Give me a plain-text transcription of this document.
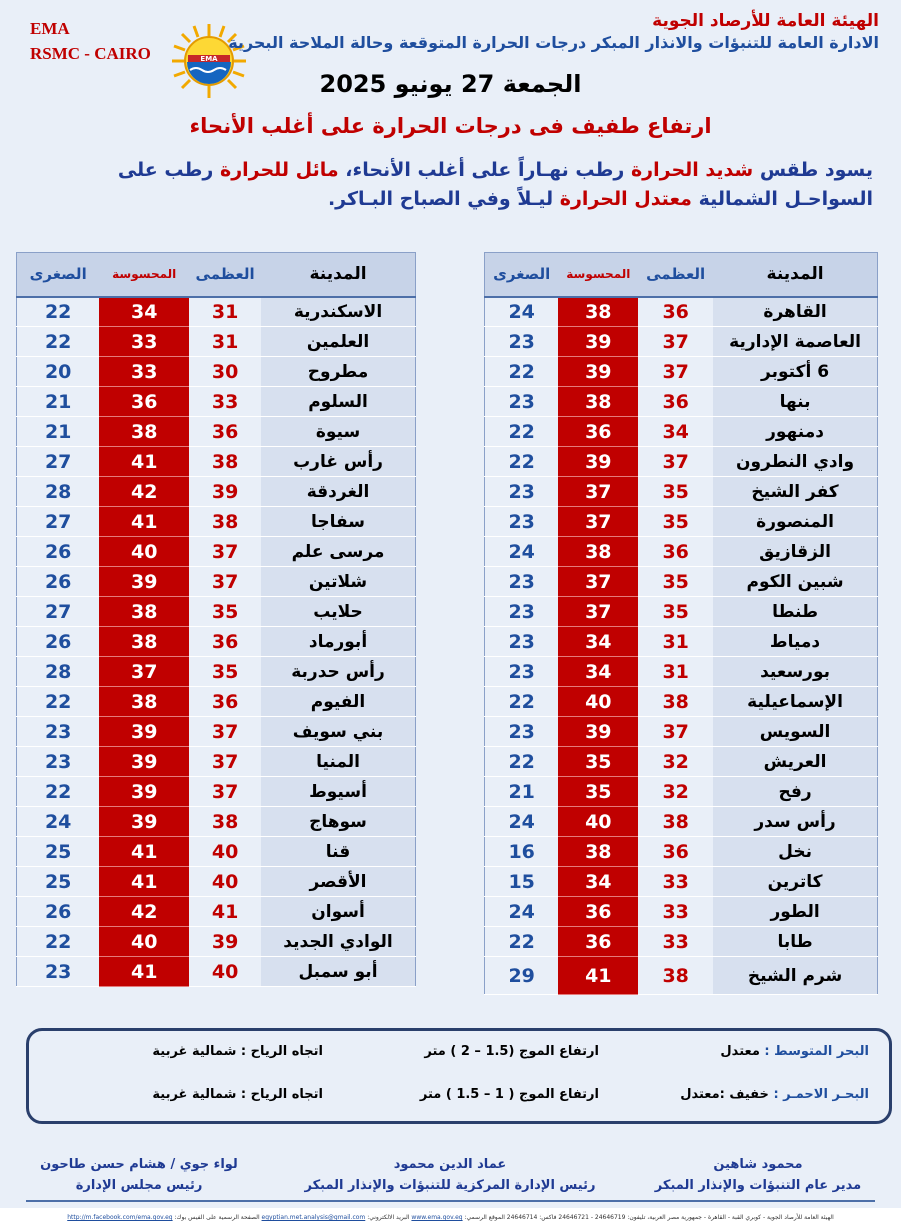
EMA
RSMC - CAIRO	EMA
الهيئة العامة للأرصاد الجوية
الادارة العامة للتنبؤات والانذار المبكر درجات الحرارة المتوقعة وحالة الملاحة البحرية
الجمعة 27 يونيو 2025
ارتفاع طفيف فى درجات الحرارة على أغلب الأنحاء
يسود طقس شديد الحرارة رطب نهـاراً على أغلب الأنحاء، مائل للحرارة رطب على السواحـل الشمالية معتدل الحرارة ليـلاً وفي الصباح البـاكر.
المدينة	العظمى	المحسوسة	الصغرى
القاهرة	36	38	24
العاصمة الإدارية	37	39	23
6 أكتوبر	37	39	22
بنها	36	38	23
دمنهور	34	36	22
وادي النطرون	37	39	22
كفر الشيخ	35	37	23
المنصورة	35	37	23
الزقازيق	36	38	24
شبين الكوم	35	37	23
طنطا	35	37	23
دمياط	31	34	23
بورسعيد	31	34	23
الإسماعيلية	38	40	22
السويس	37	39	23
العريش	32	35	22
رفح	32	35	21
رأس سدر	38	40	24
نخل	36	38	16
كاترين	33	34	15
الطور	33	36	24
طابا	33	36	22
شرم الشيخ	38	41	29
المدينة	العظمى	المحسوسة	الصغرى
الاسكندرية	31	34	22
العلمين	31	33	22
مطروح	30	33	20
السلوم	33	36	21
سيوة	36	38	21
رأس غارب	38	41	27
الغردقة	39	42	28
سفاجا	38	41	27
مرسى علم	37	40	26
شلاتين	37	39	26
حلايب	35	38	27
أبورماد	36	38	26
رأس حدربة	35	37	28
الفيوم	36	38	22
بني سويف	37	39	23
المنيا	37	39	23
أسيوط	37	39	22
سوهاج	38	39	24
قنا	40	41	25
الأقصر	40	41	25
أسوان	41	42	26
الوادي الجديد	39	40	22
أبو سمبل	40	41	23
البحر المتوسط : معتدل
ارتفاع الموج (1.5 – 2 ) متر
اتجاه الرياح : شمالية غربية
البحـر الاحمـر : خفيف :معتدل
ارتفاع الموج ( 1 – 1.5 ) متر
اتجاه الرياح : شمالية غربية
محمود شاهين
مدير عام التنبؤات والإنذار المبكر
عماد الدين محمود
رئيس الإدارة المركزية للتنبؤات والإنذار المبكر
لواء جوي / هشام حسن طاحون
رئيس مجلس الإدارة
الهيئة العامة للأرصاد الجوية - كوبري القبة - القاهرة - جمهورية مصر العربية، تليفون: 24646719 - 24646721 فاكس: 24646714 الموقع الرسمي: www.ema.gov.eg البريد الالكتروني: egyptian.met.analysis@gmail.com الصفحة الرسمية على الفيس بوك: http://m.facebook.com/ema.gov.eg
